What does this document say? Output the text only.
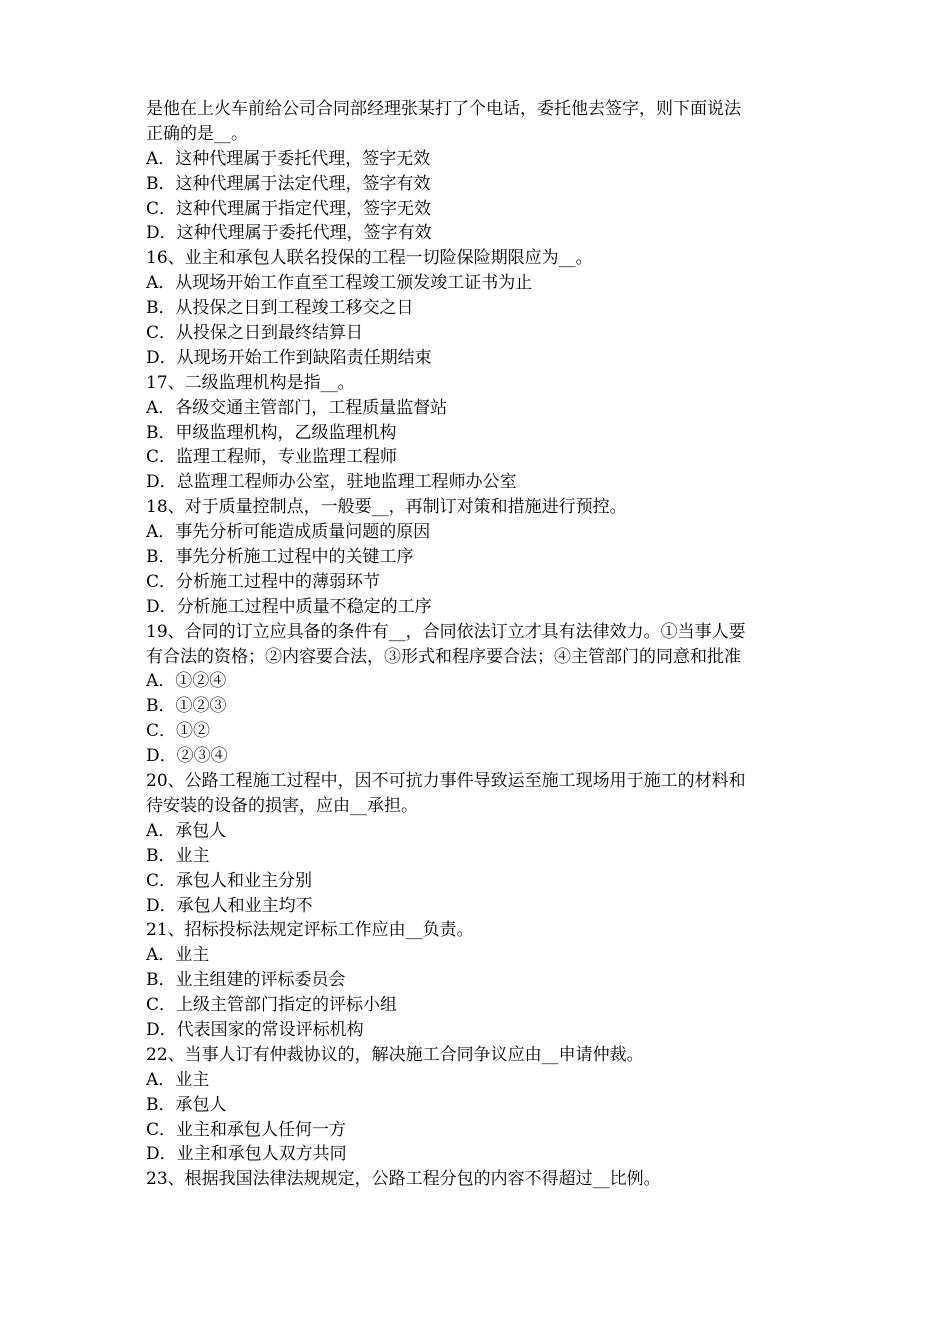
是他在上火车前给公司合同部经理张某打了个电话，委托他去签字，则下面说法
正确的是__。
A．这种代理属于委托代理，签字无效
B．这种代理属于法定代理，签字有效
C．这种代理属于指定代理，签字无效
D．这种代理属于委托代理，签字有效
16、业主和承包人联名投保的工程一切险保险期限应为__。
A．从现场开始工作直至工程竣工颁发竣工证书为止
B．从投保之日到工程竣工移交之日
C．从投保之日到最终结算日
D．从现场开始工作到缺陷责任期结束
17、二级监理机构是指__。
A．各级交通主管部门，工程质量监督站
B．甲级监理机构，乙级监理机构
C．监理工程师，专业监理工程师
D．总监理工程师办公室，驻地监理工程师办公室
18、对于质量控制点，一般要__，再制订对策和措施进行预控。
A．事先分析可能造成质量问题的原因
B．事先分析施工过程中的关键工序
C．分析施工过程中的薄弱环节
D．分析施工过程中质量不稳定的工序
19、合同的订立应具备的条件有__，合同依法订立才具有法律效力。①当事人要
有合法的资格；②内容要合法，③形式和程序要合法；④主管部门的同意和批准
A．①②④
B．①②③
C．①②
D．②③④
20、公路工程施工过程中，因不可抗力事件导致运至施工现场用于施工的材料和
待安装的设备的损害，应由__承担。
A．承包人
B．业主
C．承包人和业主分别
D．承包人和业主均不
21、招标投标法规定评标工作应由__负责。
A．业主
B．业主组建的评标委员会
C．上级主管部门指定的评标小组
D．代表国家的常设评标机构
22、当事人订有仲裁协议的，解决施工合同争议应由__申请仲裁。
A．业主
B．承包人
C．业主和承包人任何一方
D．业主和承包人双方共同
23、根据我国法律法规规定，公路工程分包的内容不得超过__比例。
